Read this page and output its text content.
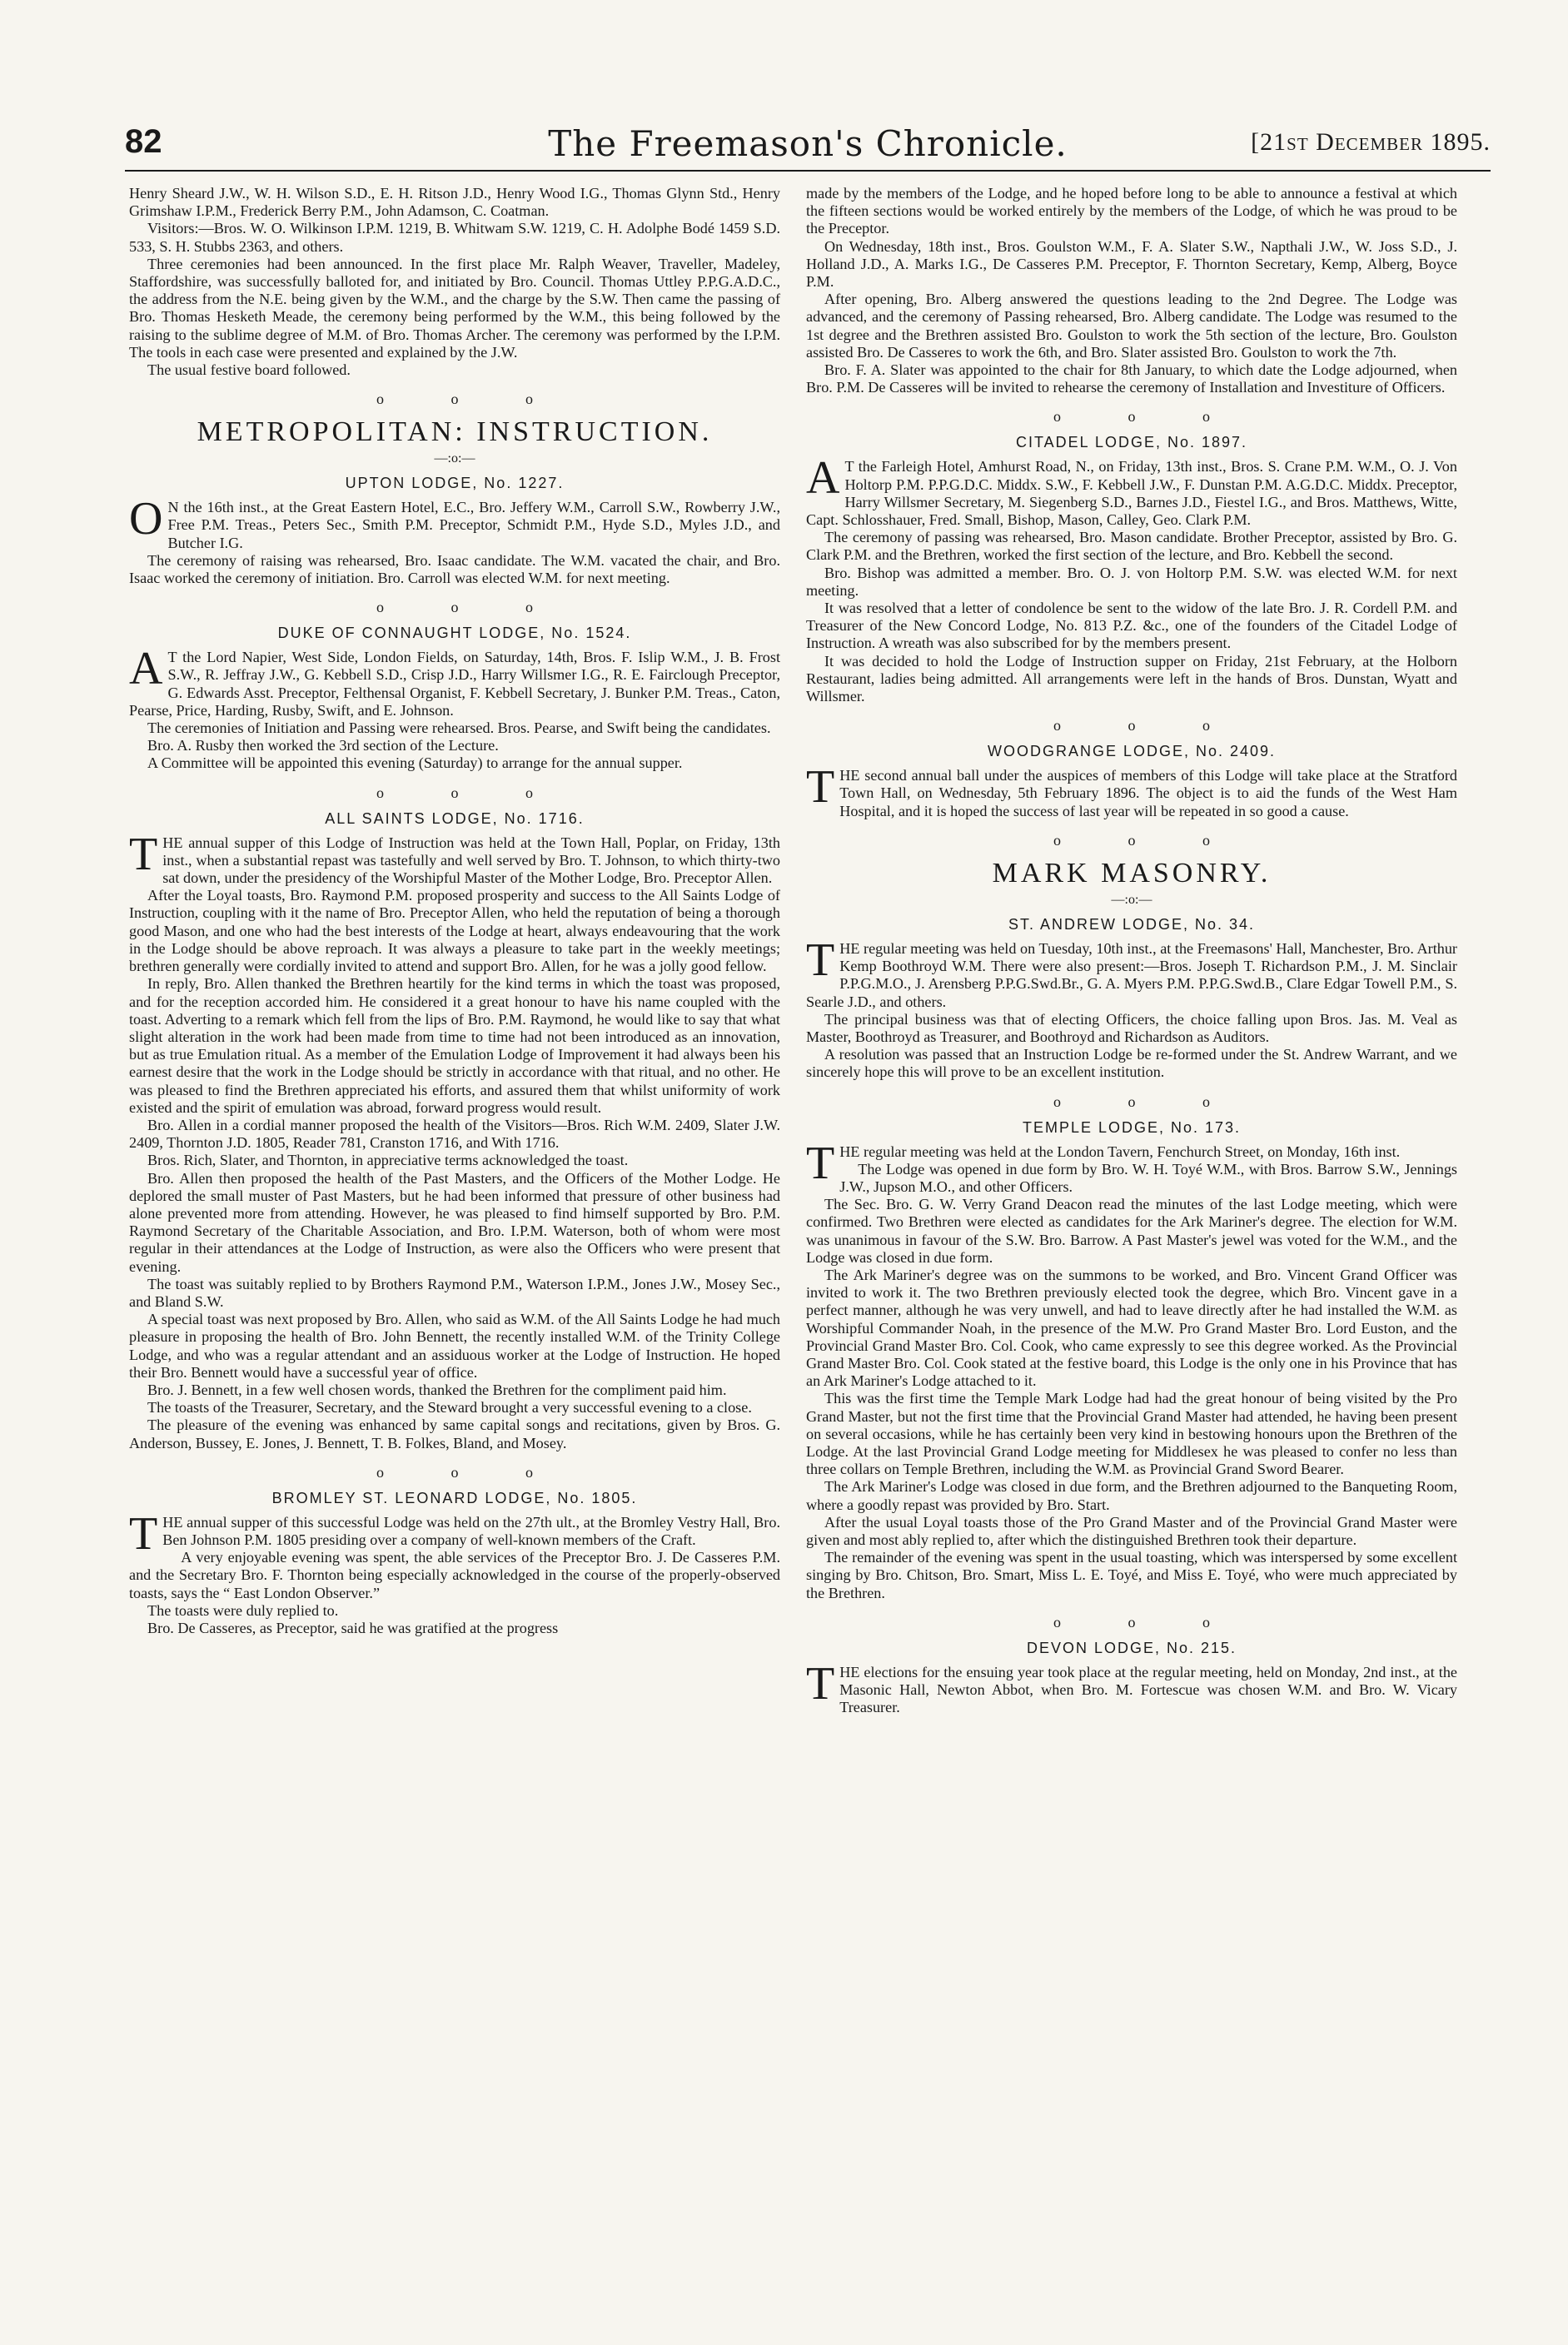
82	The Freemason's Chronicle.	[21st December 1895.

Henry Sheard J.W., W. H. Wilson S.D., E. H. Ritson J.D., Henry Wood I.G., Thomas Glynn Std., Henry Grimshaw I.P.M., Frederick Berry P.M., John Adamson, C. Coatman.

Visitors:—Bros. W. O. Wilkinson I.P.M. 1219, B. Whitwam S.W. 1219, C. H. Adolphe Bodé 1459 S.D. 533, S. H. Stubbs 2363, and others.

Three ceremonies had been announced. In the first place Mr. Ralph Weaver, Traveller, Madeley, Staffordshire, was successfully balloted for, and initiated by Bro. Council. Thomas Uttley P.P.G.A.D.C., the address from the N.E. being given by the W.M., and the charge by the S.W. Then came the passing of Bro. Thomas Hesketh Meade, the ceremony being performed by the W.M., this being followed by the raising to the sublime degree of M.M. of Bro. Thomas Archer. The ceremony was performed by the I.P.M. The tools in each case were presented and explained by the J.W.

The usual festive board followed.

o o o
METROPOLITAN: INSTRUCTION.
—:o:—
UPTON LODGE, No. 1227.

ON the 16th inst., at the Great Eastern Hotel, E.C., Bro. Jeffery W.M., Carroll S.W., Rowberry J.W., Free P.M. Treas., Peters Sec., Smith P.M. Preceptor, Schmidt P.M., Hyde S.D., Myles J.D., and Butcher I.G.

The ceremony of raising was rehearsed, Bro. Isaac candidate. The W.M. vacated the chair, and Bro. Isaac worked the ceremony of initiation. Bro. Carroll was elected W.M. for next meeting.

o o o
DUKE OF CONNAUGHT LODGE, No. 1524.

AT the Lord Napier, West Side, London Fields, on Saturday, 14th, Bros. F. Islip W.M., J. B. Frost S.W., R. Jeffray J.W., G. Kebbell S.D., Crisp J.D., Harry Willsmer I.G., R. E. Fairclough Preceptor, G. Edwards Asst. Preceptor, Felthensal Organist, F. Kebbell Secretary, J. Bunker P.M. Treas., Caton, Pearse, Price, Harding, Rusby, Swift, and E. Johnson.

The ceremonies of Initiation and Passing were rehearsed. Bros. Pearse, and Swift being the candidates.

Bro. A. Rusby then worked the 3rd section of the Lecture.

A Committee will be appointed this evening (Saturday) to arrange for the annual supper.

o o o
ALL SAINTS LODGE, No. 1716.

THE annual supper of this Lodge of Instruction was held at the Town Hall, Poplar, on Friday, 13th inst., when a substantial repast was tastefully and well served by Bro. T. Johnson, to which thirty-two sat down, under the presidency of the Worshipful Master of the Mother Lodge, Bro. Preceptor Allen.

After the Loyal toasts, Bro. Raymond P.M. proposed prosperity and success to the All Saints Lodge of Instruction, coupling with it the name of Bro. Preceptor Allen, who held the reputation of being a thorough good Mason, and one who had the best interests of the Lodge at heart, always endeavouring that the work in the Lodge should be above reproach. It was always a pleasure to take part in the weekly meetings; brethren generally were cordially invited to attend and support Bro. Allen, for he was a jolly good fellow.

In reply, Bro. Allen thanked the Brethren heartily for the kind terms in which the toast was proposed, and for the reception accorded him. He considered it a great honour to have his name coupled with the toast. Adverting to a remark which fell from the lips of Bro. P.M. Raymond, he would like to say that what slight alteration in the work had been made from time to time had not been introduced as an innovation, but as true Emulation ritual. As a member of the Emulation Lodge of Improvement it had always been his earnest desire that the work in the Lodge should be strictly in accordance with that ritual, and no other. He was pleased to find the Brethren appreciated his efforts, and assured them that whilst uniformity of work existed and the spirit of emulation was abroad, forward progress would result.

Bro. Allen in a cordial manner proposed the health of the Visitors—Bros. Rich W.M. 2409, Slater J.W. 2409, Thornton J.D. 1805, Reader 781, Cranston 1716, and With 1716.

Bros. Rich, Slater, and Thornton, in appreciative terms acknowledged the toast.

Bro. Allen then proposed the health of the Past Masters, and the Officers of the Mother Lodge. He deplored the small muster of Past Masters, but he had been informed that pressure of other business had alone prevented more from attending. However, he was pleased to find himself supported by Bro. P.M. Raymond Secretary of the Charitable Association, and Bro. I.P.M. Waterson, both of whom were most regular in their attendances at the Lodge of Instruction, as were also the Officers who were present that evening.

The toast was suitably replied to by Brothers Raymond P.M., Waterson I.P.M., Jones J.W., Mosey Sec., and Bland S.W.

A special toast was next proposed by Bro. Allen, who said as W.M. of the All Saints Lodge he had much pleasure in proposing the health of Bro. John Bennett, the recently installed W.M. of the Trinity College Lodge, and who was a regular attendant and an assiduous worker at the Lodge of Instruction. He hoped their Bro. Bennett would have a successful year of office.

Bro. J. Bennett, in a few well chosen words, thanked the Brethren for the compliment paid him.

The toasts of the Treasurer, Secretary, and the Steward brought a very successful evening to a close.

The pleasure of the evening was enhanced by same capital songs and recitations, given by Bros. G. Anderson, Bussey, E. Jones, J. Bennett, T. B. Folkes, Bland, and Mosey.

o o o
BROMLEY ST. LEONARD LODGE, No. 1805.

THE annual supper of this successful Lodge was held on the 27th ult., at the Bromley Vestry Hall, Bro. Ben Johnson P.M. 1805 presiding over a company of well-known members of the Craft.

A very enjoyable evening was spent, the able services of the Preceptor Bro. J. De Casseres P.M. and the Secretary Bro. F. Thornton being especially acknowledged in the course of the properly-observed toasts, says the “ East London Observer.”

The toasts were duly replied to.

Bro. De Casseres, as Preceptor, said he was gratified at the progress

made by the members of the Lodge, and he hoped before long to be able to announce a festival at which the fifteen sections would be worked entirely by the members of the Lodge, of which he was proud to be the Preceptor.

On Wednesday, 18th inst., Bros. Goulston W.M., F. A. Slater S.W., Napthali J.W., W. Joss S.D., J. Holland J.D., A. Marks I.G., De Casseres P.M. Preceptor, F. Thornton Secretary, Kemp, Alberg, Boyce P.M.

After opening, Bro. Alberg answered the questions leading to the 2nd Degree. The Lodge was advanced, and the ceremony of Passing rehearsed, Bro. Alberg candidate. The Lodge was resumed to the 1st degree and the Brethren assisted Bro. Goulston to work the 5th section of the lecture, Bro. Goulston assisted Bro. De Casseres to work the 6th, and Bro. Slater assisted Bro. Goulston to work the 7th.

Bro. F. A. Slater was appointed to the chair for 8th January, to which date the Lodge adjourned, when Bro. P.M. De Casseres will be invited to rehearse the ceremony of Installation and Investiture of Officers.

o o o
CITADEL LODGE, No. 1897.

AT the Farleigh Hotel, Amhurst Road, N., on Friday, 13th inst., Bros. S. Crane P.M. W.M., O. J. Von Holtorp P.M. P.P.G.D.C. Middx. S.W., F. Kebbell J.W., F. Dunstan P.M. A.G.D.C. Middx. Preceptor, Harry Willsmer Secretary, M. Siegenberg S.D., Barnes J.D., Fiestel I.G., and Bros. Matthews, Witte, Capt. Schlosshauer, Fred. Small, Bishop, Mason, Calley, Geo. Clark P.M.

The ceremony of passing was rehearsed, Bro. Mason candidate. Brother Preceptor, assisted by Bro. G. Clark P.M. and the Brethren, worked the first section of the lecture, and Bro. Kebbell the second.

Bro. Bishop was admitted a member. Bro. O. J. von Holtorp P.M. S.W. was elected W.M. for next meeting.

It was resolved that a letter of condolence be sent to the widow of the late Bro. J. R. Cordell P.M. and Treasurer of the New Concord Lodge, No. 813 P.Z. &c., one of the founders of the Citadel Lodge of Instruction. A wreath was also subscribed for by the members present.

It was decided to hold the Lodge of Instruction supper on Friday, 21st February, at the Holborn Restaurant, ladies being admitted. All arrangements were left in the hands of Bros. Dunstan, Wyatt and Willsmer.

o o o
WOODGRANGE LODGE, No. 2409.

THE second annual ball under the auspices of members of this Lodge will take place at the Stratford Town Hall, on Wednesday, 5th February 1896. The object is to aid the funds of the West Ham Hospital, and it is hoped the success of last year will be repeated in so good a cause.

o o o
MARK MASONRY.
—:o:—
ST. ANDREW LODGE, No. 34.

THE regular meeting was held on Tuesday, 10th inst., at the Freemasons' Hall, Manchester, Bro. Arthur Kemp Boothroyd W.M. There were also present:—Bros. Joseph T. Richardson P.M., J. M. Sinclair P.P.G.M.O., J. Arensberg P.P.G.Swd.Br., G. A. Myers P.M. P.P.G.Swd.B., Clare Edgar Towell P.M., S. Searle J.D., and others.

The principal business was that of electing Officers, the choice falling upon Bros. Jas. M. Veal as Master, Boothroyd as Treasurer, and Boothroyd and Richardson as Auditors.

A resolution was passed that an Instruction Lodge be re-formed under the St. Andrew Warrant, and we sincerely hope this will prove to be an excellent institution.

o o o
TEMPLE LODGE, No. 173.

THE regular meeting was held at the London Tavern, Fenchurch Street, on Monday, 16th inst.

The Lodge was opened in due form by Bro. W. H. Toyé W.M., with Bros. Barrow S.W., Jennings J.W., Jupson M.O., and other Officers.

The Sec. Bro. G. W. Verry Grand Deacon read the minutes of the last Lodge meeting, which were confirmed. Two Brethren were elected as candidates for the Ark Mariner's degree. The election for W.M. was unanimous in favour of the S.W. Bro. Barrow. A Past Master's jewel was voted for the W.M., and the Lodge was closed in due form.

The Ark Mariner's degree was on the summons to be worked, and Bro. Vincent Grand Officer was invited to work it. The two Brethren previously elected took the degree, which Bro. Vincent gave in a perfect manner, although he was very unwell, and had to leave directly after he had installed the W.M. as Worshipful Commander Noah, in the presence of the M.W. Pro Grand Master Bro. Lord Euston, and the Provincial Grand Master Bro. Col. Cook, who came expressly to see this degree worked. As the Provincial Grand Master Bro. Col. Cook stated at the festive board, this Lodge is the only one in his Province that has an Ark Mariner's Lodge attached to it.

This was the first time the Temple Mark Lodge had had the great honour of being visited by the Pro Grand Master, but not the first time that the Provincial Grand Master had attended, he having been present on several occasions, while he has certainly been very kind in bestowing honours upon the Brethren of the Lodge. At the last Provincial Grand Lodge meeting for Middlesex he was pleased to confer no less than three collars on Temple Brethren, including the W.M. as Provincial Grand Sword Bearer.

The Ark Mariner's Lodge was closed in due form, and the Brethren adjourned to the Banqueting Room, where a goodly repast was provided by Bro. Start.

After the usual Loyal toasts those of the Pro Grand Master and of the Provincial Grand Master were given and most ably replied to, after which the distinguished Brethren took their departure.

The remainder of the evening was spent in the usual toasting, which was interspersed by some excellent singing by Bro. Chitson, Bro. Smart, Miss L. E. Toyé, and Miss E. Toyé, who were much appreciated by the Brethren.

o o o
DEVON LODGE, No. 215.

THE elections for the ensuing year took place at the regular meeting, held on Monday, 2nd inst., at the Masonic Hall, Newton Abbot, when Bro. M. Fortescue was chosen W.M. and Bro. W. Vicary Treasurer.
